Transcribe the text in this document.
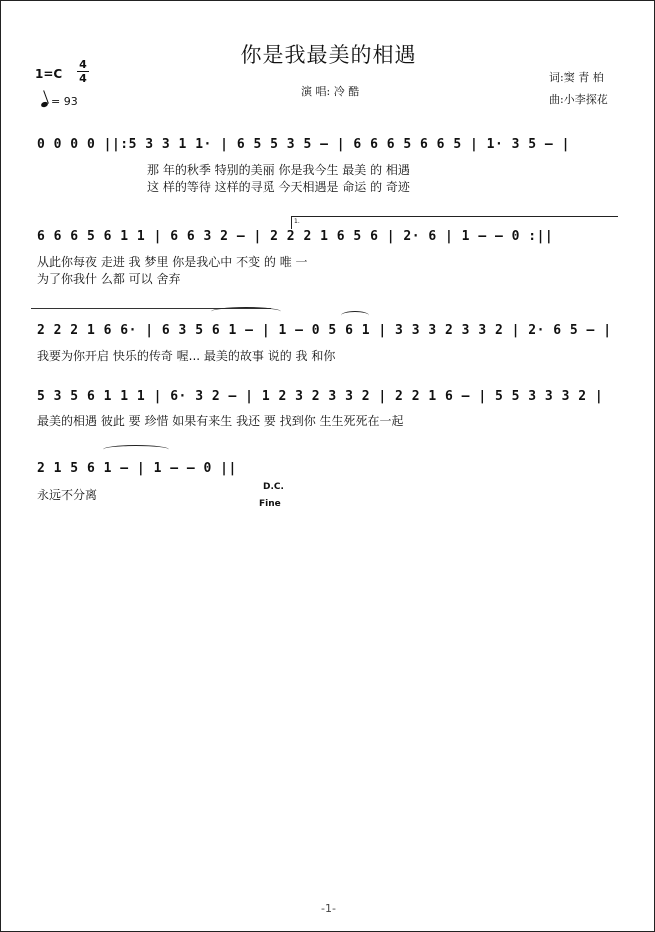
你是我最美的相遇
1=C
4
4
= 93
演 唱: 冷 酷
词:窦 青 柏
曲:小李探花
0 0 0 0 ||:5 3 3 1 1· | 6 5 5 3 5 – | 6 6 6 5 6 6 5 | 1· 3 5 – |
那 年的秋季 特别的美丽 你是我今生 最美 的 相遇
这 样的等待 这样的寻觅 今天相遇是 命运 的 奇迹
1.
6 6 6 5 6 1 1 | 6 6 3 2 – | 2 2 2 1 6 5 6 | 2· 6 | 1 – – 0 :||
从此你每夜 走进 我 梦里 你是我心中 不变 的 唯 一
为了你我什 么都 可以 舍弃
2 2 2 1 6 6· | 6 3 5 6 1 – | 1 – 0 5 6 1 | 3 3 3 2 3 3 2 | 2· 6 5 – |
我要为你开启 快乐的传奇 喔... 最美的故事 说的 我 和你
5 3 5 6 1 1 1 | 6· 3 2 – | 1 2 3 2 3 3 2 | 2 2 1 6 – | 5 5 3 3 3 2 |
最美的相遇 彼此 要 珍惜 如果有来生 我还 要 找到你 生生死死在一起
2 1 5 6 1 – | 1 – – 0 ||
永远不分离
D.C.
Fine
-1-
